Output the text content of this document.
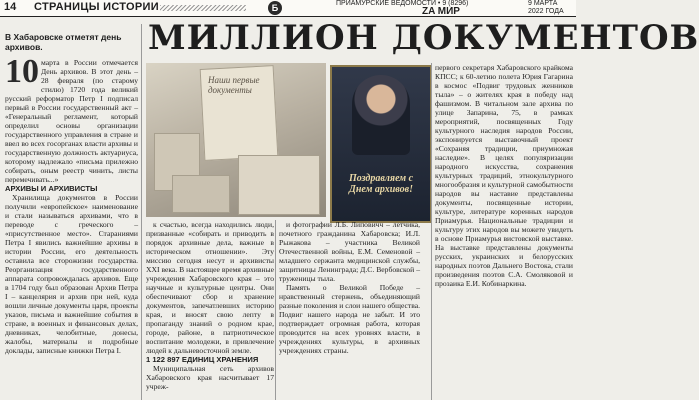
14 СТРАНИЦЫ ИСТОРИИ	Б	ПРИАМУРСКИЕ ВЕДОМОСТИ • 9 (8296)
ZA МИР
9 МАРТА
2022 ГОДА
В Хабаровске отметят день архивов.
10 марта в России отмечается День архивов. В этот день – 28 февраля (по старому стилю) 1720 года великий русский реформатор Петр I подписал первый в России государственный акт – «Генеральный регламент, который определил основы организации государственного управления в стране и ввел во всех госорганах власти архивы и государственную должность актуариуса, которому надлежало «письма прилежно собирать, оным реестр чинить, листы перемечивать...»

АРХИВЫ И АРХИВИСТЫ

Хранилища документов в России получили «европейское» наименование и стали называться архивами, что в переводе с греческого – «присутственное место». Стараниями Петра I явились важнейшие архивы в истории России, его деятельность оставила все сторожизни государства. Реорганизация государственного аппарата сопровождалась архивов. Еще в 1704 году был образован Архив Петра I – канцелярия и архив при ней, куда вошли личные документы царя, проекты указов, письма и важнейшие события в стране, в военных и финансовых делах, дневниках, челобитные, донесы, жалобы, материалы и подробные доклады, записные книжки Петра I.

МИЛЛИОН ДОКУМЕНТОВ
Наши первые документы
Поздравляем с Днем архивов!

к счастью, всегда находились люди, призванные «собирать и приводить в порядок архивные дела, важные в историческом отношении». Эту миссию сегодня несут и архивисты XXI века. В настоящее время архивные учреждения Хабаровского края – это научные и культурные центры. Они обеспечивают сбор и хранение документов, запечатлевших историю края, и вносят свою лепту в пропаганду знаний о родном крае, городе, районе, в патриотическое воспитание молодежи, в привлечение людей к дальневосточной земле.

1 122 897 ЕДИНИЦ ХРАНЕНИЯ

Муниципальная сеть архивов Хабаровского края насчитывает 17 учреж-

и фотографии Л.Б. Липовичч – летчика, почетного гражданина Хабаровска; И.Л. Рыжакова – участника Великой Отечественной войны, Е.М. Семеновой – младшего сержанта медицинской службы, защитницы Ленинграда; Д.С. Вербовской – труженицы тыла.

Память о Великой Победе – нравственный стержень, объединяющий разные поколения и слои нашего общества. Подвиг нашего народа не забыт. И это подтверждает огромная работа, которая проводится на всех уровнях власти, в учреждениях культуры, в архивных учреждениях страны.

первого секретаря Хабаровского крайкома КПСС; к 60-летию полета Юрия Гагарина в космос «Подвиг трудовых женников тыла» – о жителях края в победу над фашизмом. В читальном зале архива по улице Запарина, 75, в рамках мероприятий, посвященных Году культурного наследия народов России, экспонируется выставочный проект «Сохраняя традиции, приумножая наследие». В целях популяризации народного искусства, сохранения культурных традиций, этнокультурного многообразия и культурной самобытности народов вы наставие представлены документы, посвященные истории, культуре, литературе коренных народов Приамурья. Национальные традиции и культуру этих народов вы можете увидеть в основе Приамурья вистовской выставке. На выставке представлены документы русских, украинских и белорусских народных поэтов Дальнего Востока, стали произведения поэтов С.А. Смоляковой и прозаика Е.И. Кобинаркина.
